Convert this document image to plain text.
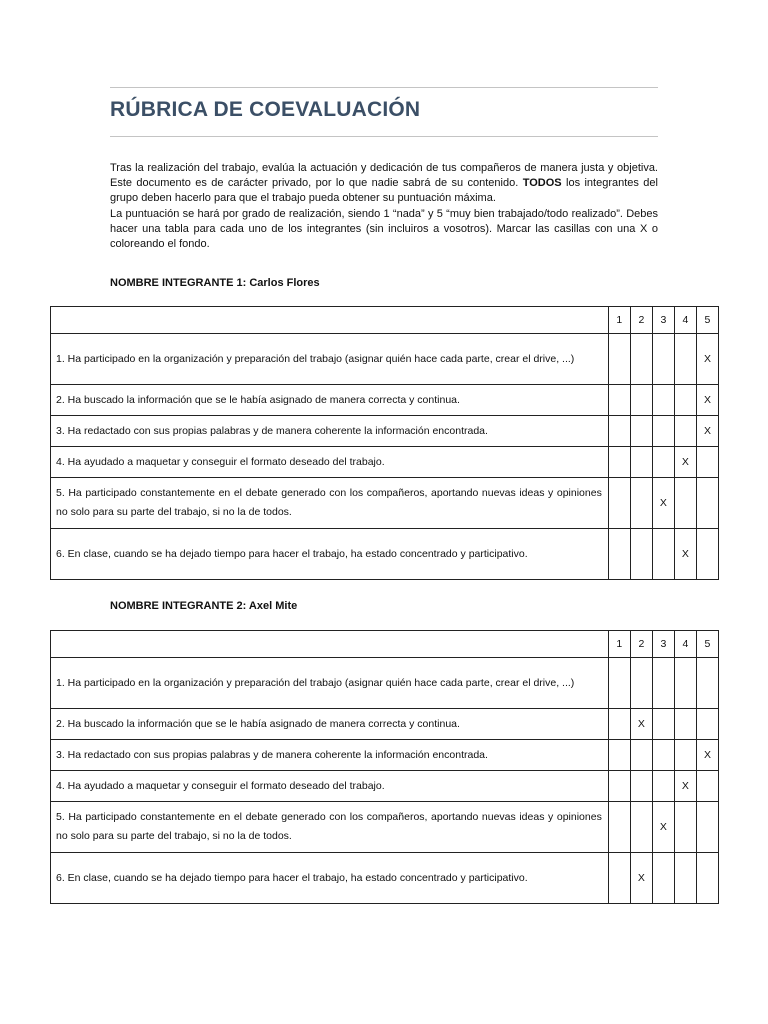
RÚBRICA DE COEVALUACIÓN
Tras la realización del trabajo, evalúa la actuación y dedicación de tus compañeros de manera justa y objetiva. Este documento es de carácter privado, por lo que nadie sabrá de su contenido. TODOS los integrantes del grupo deben hacerlo para que el trabajo pueda obtener su puntuación máxima.
La puntuación se hará por grado de realización, siendo 1 “nada” y 5 “muy bien trabajado/todo realizado”. Debes hacer una tabla para cada uno de los integrantes (sin incluiros a vosotros). Marcar las casillas con una X o coloreando el fondo.
NOMBRE INTEGRANTE 1: Carlos Flores
	1	2	3	4	5
1. Ha participado en la organización y preparación del trabajo (asignar quién hace cada parte, crear el drive, ...)					X
2. Ha buscado la información que se le había asignado de manera correcta y continua.					X
3. Ha redactado con sus propias palabras y de manera coherente la información encontrada.					X
4. Ha ayudado a maquetar y conseguir el formato deseado del trabajo.				X	
5. Ha participado constantemente en el debate generado con los compañeros, aportando nuevas ideas y opiniones no solo para su parte del trabajo, si no la de todos.			X		
6. En clase, cuando se ha dejado tiempo para hacer el trabajo, ha estado concentrado y participativo.				X	
NOMBRE INTEGRANTE 2: Axel Mite
	1	2	3	4	5
1. Ha participado en la organización y preparación del trabajo (asignar quién hace cada parte, crear el drive, ...)					
2. Ha buscado la información que se le había asignado de manera correcta y continua.		X			
3. Ha redactado con sus propias palabras y de manera coherente la información encontrada.					X
4. Ha ayudado a maquetar y conseguir el formato deseado del trabajo.				X	
5. Ha participado constantemente en el debate generado con los compañeros, aportando nuevas ideas y opiniones no solo para su parte del trabajo, si no la de todos.			X		
6. En clase, cuando se ha dejado tiempo para hacer el trabajo, ha estado concentrado y participativo.		X			
